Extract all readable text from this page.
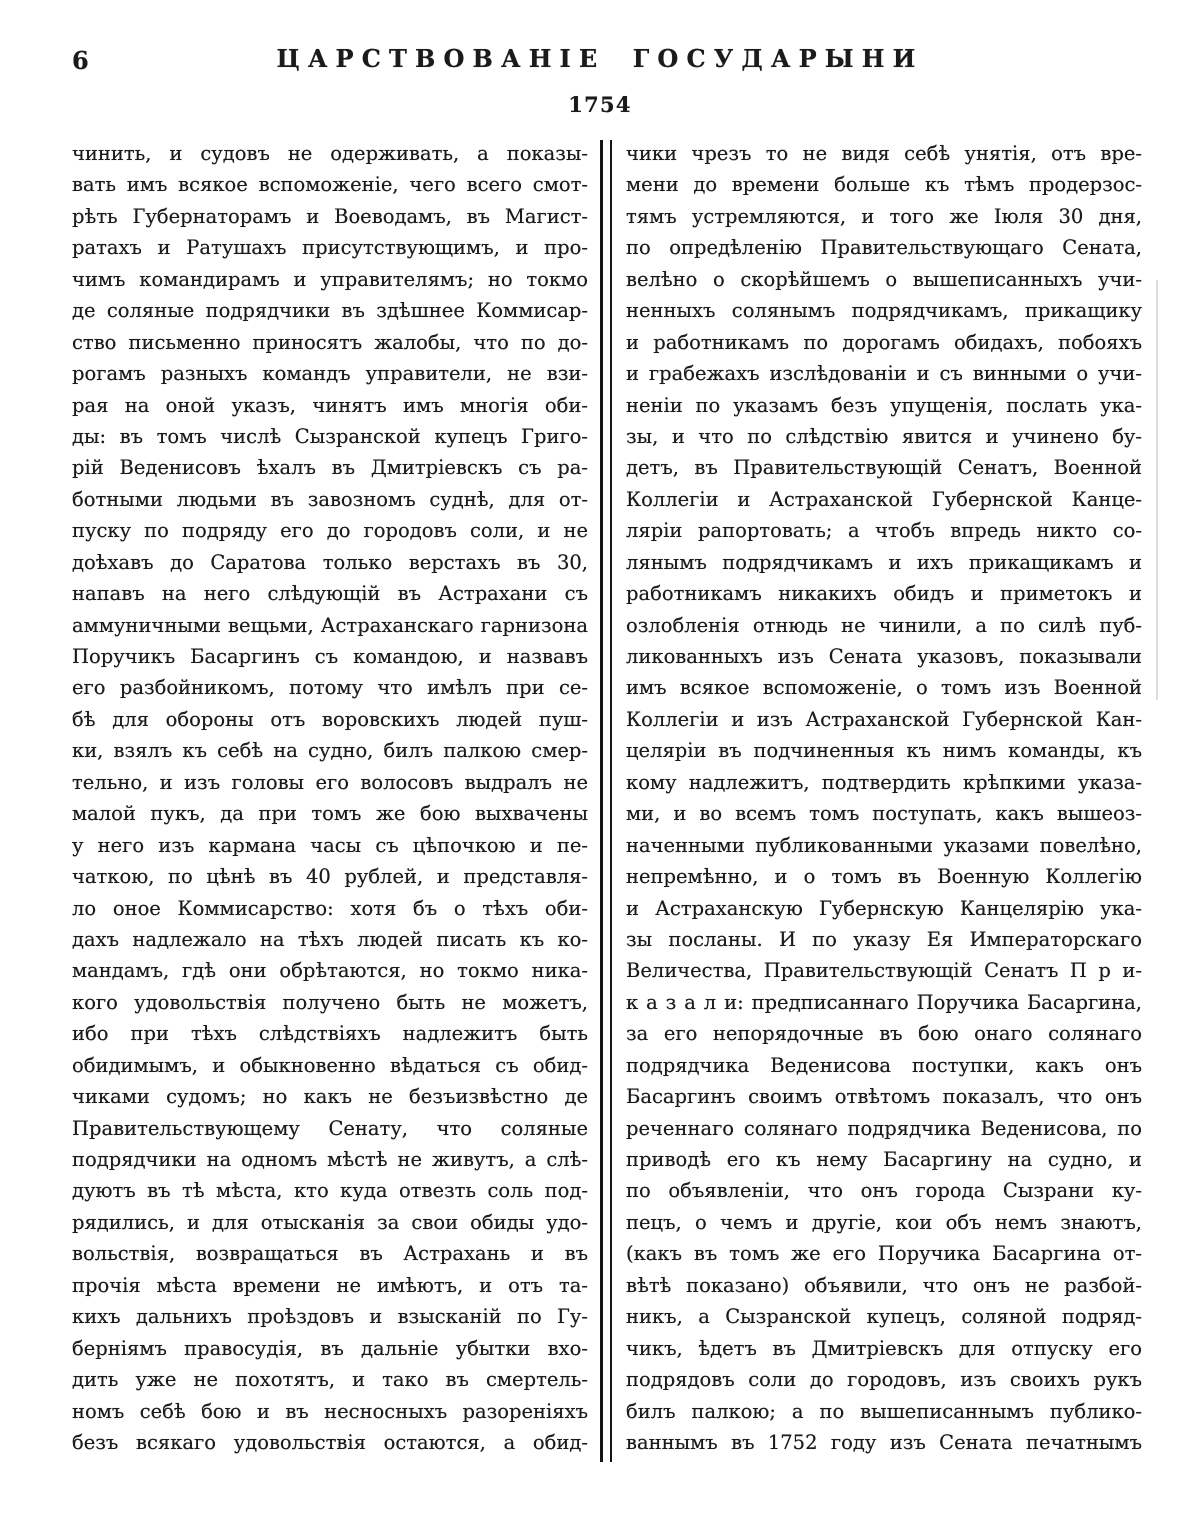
6	ЦАРСТВОВАНІЕ ГОСУДАРЫНИ
1754
чинить, и судовъ не одерживать, а показы-
вать имъ всякое вспоможеніе, чего всего смот-
рѣть Губернаторамъ и Воеводамъ, въ Магист-
ратахъ и Ратушахъ присутствующимъ, и про-
чимъ командирамъ и управителямъ; но токмо
де соляные подрядчики въ здѣшнее Коммисар-
ство письменно приносятъ жалобы, что по до-
рогамъ разныхъ командъ управители, не взи-
рая на оной указъ, чинятъ имъ многія оби-
ды: въ томъ числѣ Сызранской купецъ Григо-
рій Веденисовъ ѣхалъ въ Дмитріевскъ съ ра-
ботными людьми въ завозномъ суднѣ, для от-
пуску по подряду его до городовъ соли, и не
доѣхавъ до Саратова только верстахъ въ 30,
напавъ на него слѣдующій въ Астрахани съ
аммуничными вещьми, Астраханскаго гарнизона
Поручикъ Басаргинъ съ командою, и назвавъ
его разбойникомъ, потому что имѣлъ при се-
бѣ для обороны отъ воровскихъ людей пуш-
ки, взялъ къ себѣ на судно, билъ палкою смер-
тельно, и изъ головы его волосовъ выдралъ не
малой пукъ, да при томъ же бою выхвачены
у него изъ кармана часы съ цѣпочкою и пе-
чаткою, по цѣнѣ въ 40 рублей, и представля-
ло оное Коммисарство: хотя бъ о тѣхъ оби-
дахъ надлежало на тѣхъ людей писать къ ко-
мандамъ, гдѣ они обрѣтаются, но токмо ника-
кого удовольствія получено быть не можетъ,
ибо при тѣхъ слѣдствіяхъ надлежитъ быть
обидимымъ, и обыкновенно вѣдаться съ обид-
чиками судомъ; но какъ не безъизвѣстно де
Правительствующему Сенату, что соляные
подрядчики на одномъ мѣстѣ не живутъ, а слѣ-
дуютъ въ тѣ мѣста, кто куда отвезть соль под-
рядились, и для отысканія за свои обиды удо-
вольствія, возвращаться въ Астрахань и въ
прочія мѣста времени не имѣютъ, и отъ та-
кихъ дальнихъ проѣздовъ и взысканій по Гу-
берніямъ правосудія, въ дальніе убытки вхо-
дить уже не похотятъ, и тако въ смертель-
номъ себѣ бою и въ несносныхъ разореніяхъ
безъ всякаго удовольствія остаются, а обид-
чики чрезъ то не видя себѣ унятія, отъ вре-
мени до времени больше къ тѣмъ продерзос-
тямъ устремляются, и того же Іюля 30 дня,
по опредѣленію Правительствующаго Сената,
велѣно о скорѣйшемъ о вышеписанныхъ учи-
ненныхъ солянымъ подрядчикамъ, прикащику
и работникамъ по дорогамъ обидахъ, побояхъ
и грабежахъ изслѣдованіи и съ винными о учи-
неніи по указамъ безъ упущенія, послать ука-
зы, и что по слѣдствію явится и учинено бу-
детъ, въ Правительствующій Сенатъ, Военной
Коллегіи и Астраханской Губернской Канце-
ляріи рапортовать; а чтобъ впредь никто со-
лянымъ подрядчикамъ и ихъ прикащикамъ и
работникамъ никакихъ обидъ и приметокъ и
озлобленія отнюдь не чинили, а по силѣ пуб-
ликованныхъ изъ Сената указовъ, показывали
имъ всякое вспоможеніе, о томъ изъ Военной
Коллегіи и изъ Астраханской Губернской Кан-
целяріи въ подчиненныя къ нимъ команды, къ
кому надлежитъ, подтвердить крѣпкими указа-
ми, и во всемъ томъ поступать, какъ вышеоз-
наченными публикованными указами повелѣно,
непремѣнно, и о томъ въ Военную Коллегію
и Астраханскую Губернскую Канцелярію ука-
зы посланы. И по указу Ея Императорскаго
Величества, Правительствующій Сенатъ П р и-
к а з а л и: предписаннаго Поручика Басаргина,
за его непорядочные въ бою онаго солянаго
подрядчика Веденисова поступки, какъ онъ
Басаргинъ своимъ отвѣтомъ показалъ, что онъ
реченнаго солянаго подрядчика Веденисова, по
приводѣ его къ нему Басаргину на судно, и
по объявленіи, что онъ города Сызрани ку-
пецъ, о чемъ и другіе, кои объ немъ знаютъ,
(какъ въ томъ же его Поручика Басаргина от-
вѣтѣ показано) объявили, что онъ не разбой-
никъ, а Сызранской купецъ, соляной подряд-
чикъ, ѣдетъ въ Дмитріевскъ для отпуску его
подрядовъ соли до городовъ, изъ своихъ рукъ
билъ палкою; а по вышеписаннымъ публико-
ваннымъ въ 1752 году изъ Сената печатнымъ
